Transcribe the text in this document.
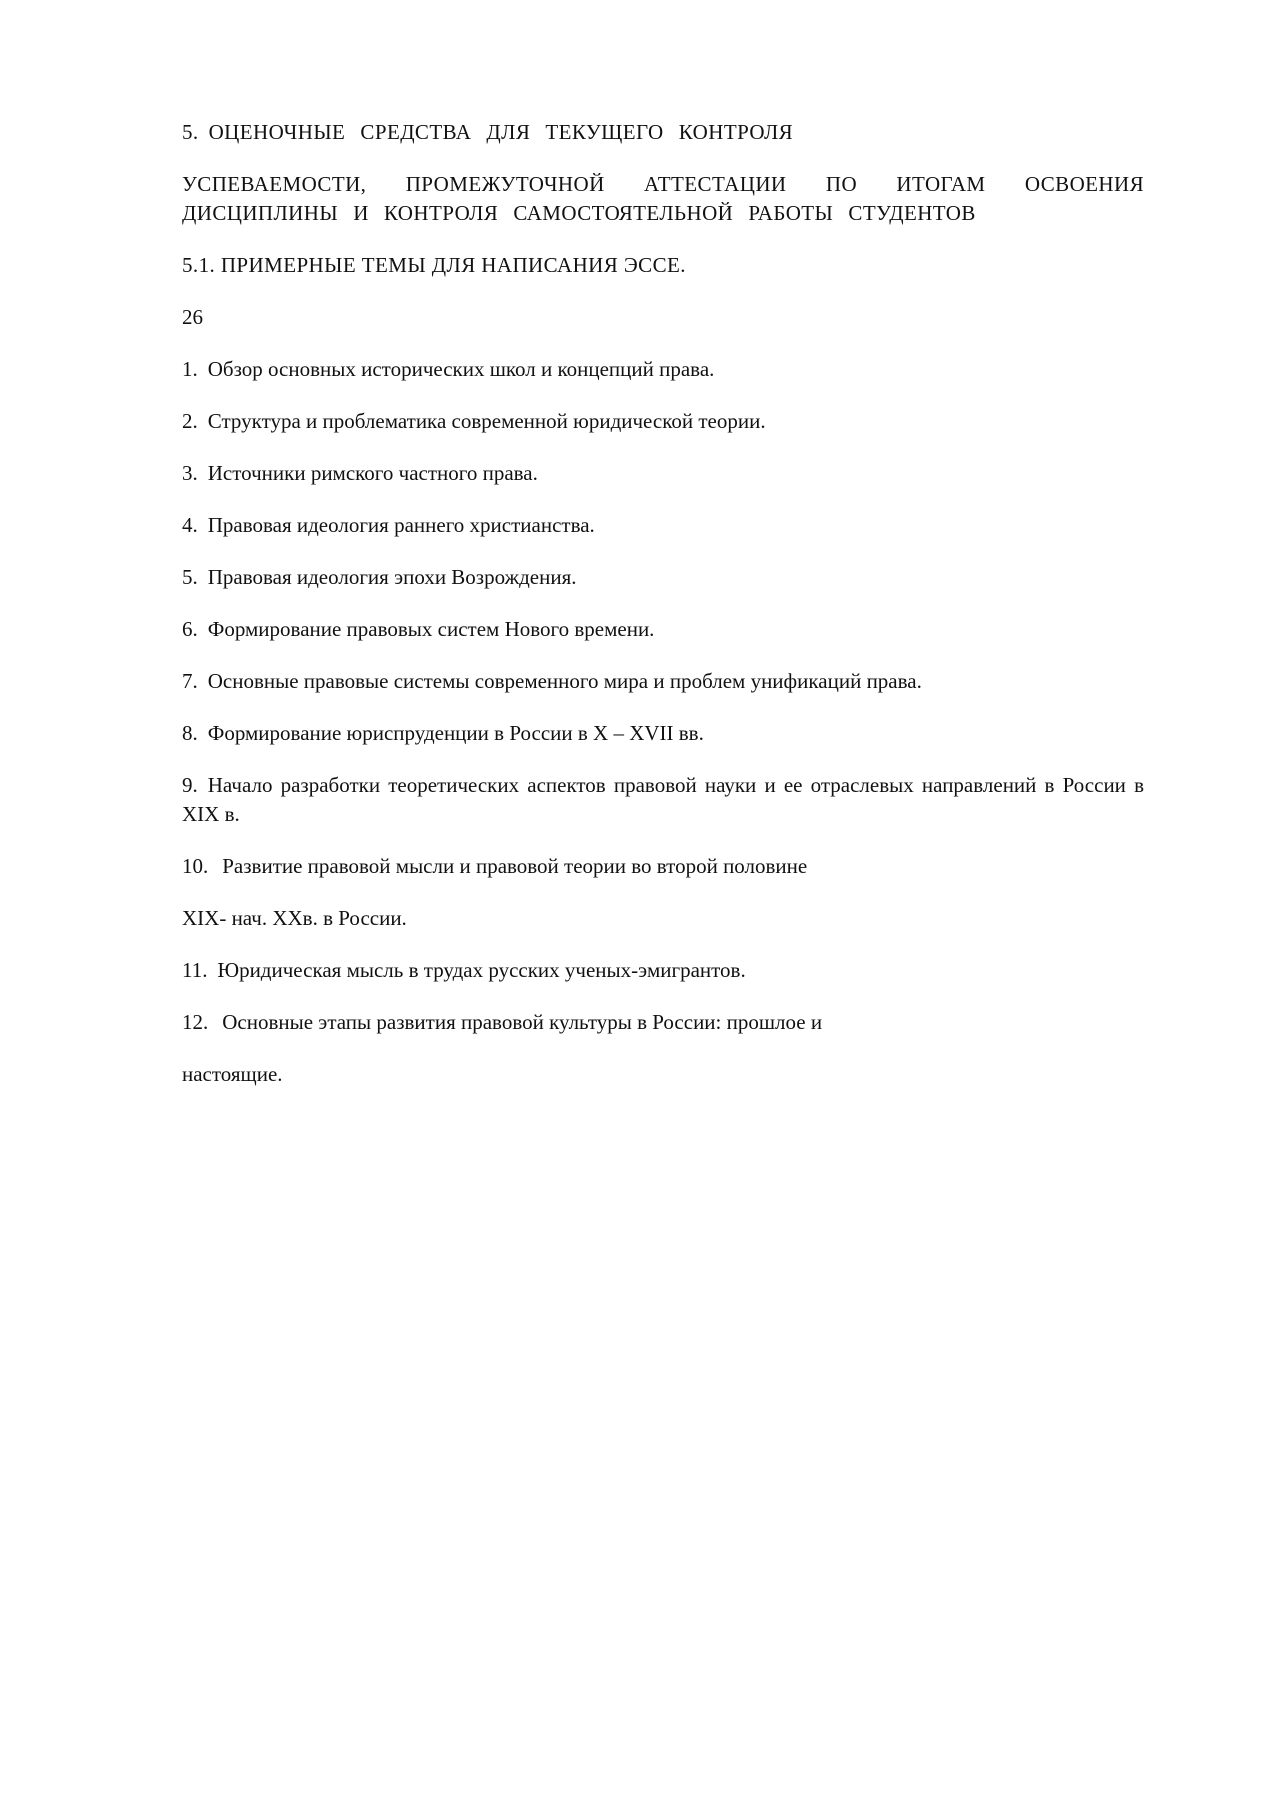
5. ОЦЕНОЧНЫЕ СРЕДСТВА ДЛЯ ТЕКУЩЕГО КОНТРОЛЯ

УСПЕВАЕМОСТИ, ПРОМЕЖУТОЧНОЙ АТТЕСТАЦИИ ПО ИТОГАМ ОСВОЕНИЯ ДИСЦИПЛИНЫ И КОНТРОЛЯ САМОСТОЯТЕЛЬНОЙ РАБОТЫ СТУДЕНТОВ

5.1. ПРИМЕРНЫЕ ТЕМЫ ДЛЯ НАПИСАНИЯ ЭССЕ.

26

1. Обзор основных исторических школ и концепций права.

2. Структура и проблематика современной юридической теории.

3. Источники римского частного права.

4. Правовая идеология раннего христианства.

5. Правовая идеология эпохи Возрождения.

6. Формирование правовых систем Нового времени.

7. Основные правовые системы современного мира и проблем унификаций права.

8. Формирование юриспруденции в России в X – XVII вв.

9. Начало разработки теоретических аспектов правовой науки и ее отраслевых направлений в России в XIX в.

10. Развитие правовой мысли и правовой теории во второй половине

XIX- нач. XXв. в России.

11. Юридическая мысль в трудах русских ученых-эмигрантов.

12. Основные этапы развития правовой культуры в России: прошлое и

настоящие.
